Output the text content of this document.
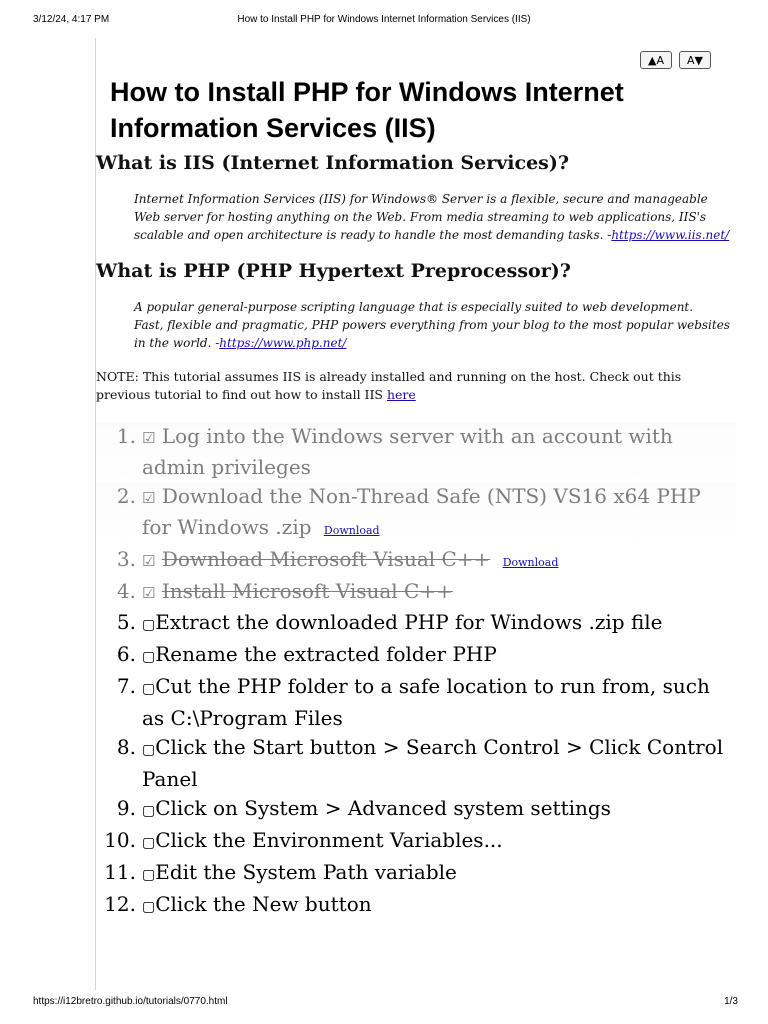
3/12/24, 4:17 PM	How to Install PHP for Windows Internet Information Services (IIS)
▲A	A▼
How to Install PHP for Windows Internet Information Services (IIS)
What is IIS (Internet Information Services)?

Internet Information Services (IIS) for Windows® Server is a flexible, secure and manageable Web server for hosting anything on the Web. From media streaming to web applications, IIS's scalable and open architecture is ready to handle the most demanding tasks. -https://www.iis.net/

What is PHP (PHP Hypertext Preprocessor)?

A popular general-purpose scripting language that is especially suited to web development.

Fast, flexible and pragmatic, PHP powers everything from your blog to the most popular websites in the world. -https://www.php.net/

NOTE: This tutorial assumes IIS is already installed and running on the host. Check out this previous tutorial to find out how to install IIS here
1. ☑ Log into the Windows server with an account with admin privileges
2. ☑ Download the Non-Thread Safe (NTS) VS16 x64 PHP for Windows .zip Download
3. ☑ Download Microsoft Visual C++ Download
4. ☑ Install Microsoft Visual C++
5. ▢Extract the downloaded PHP for Windows .zip file
6. ▢Rename the extracted folder PHP
7. ▢Cut the PHP folder to a safe location to run from, such as C:\Program Files
8. ▢Click the Start button > Search Control > Click Control Panel
9. ▢Click on System > Advanced system settings
10. ▢Click the Environment Variables...
11. ▢Edit the System Path variable
12. ▢Click the New button
https://i12bretro.github.io/tutorials/0770.html	1/3
